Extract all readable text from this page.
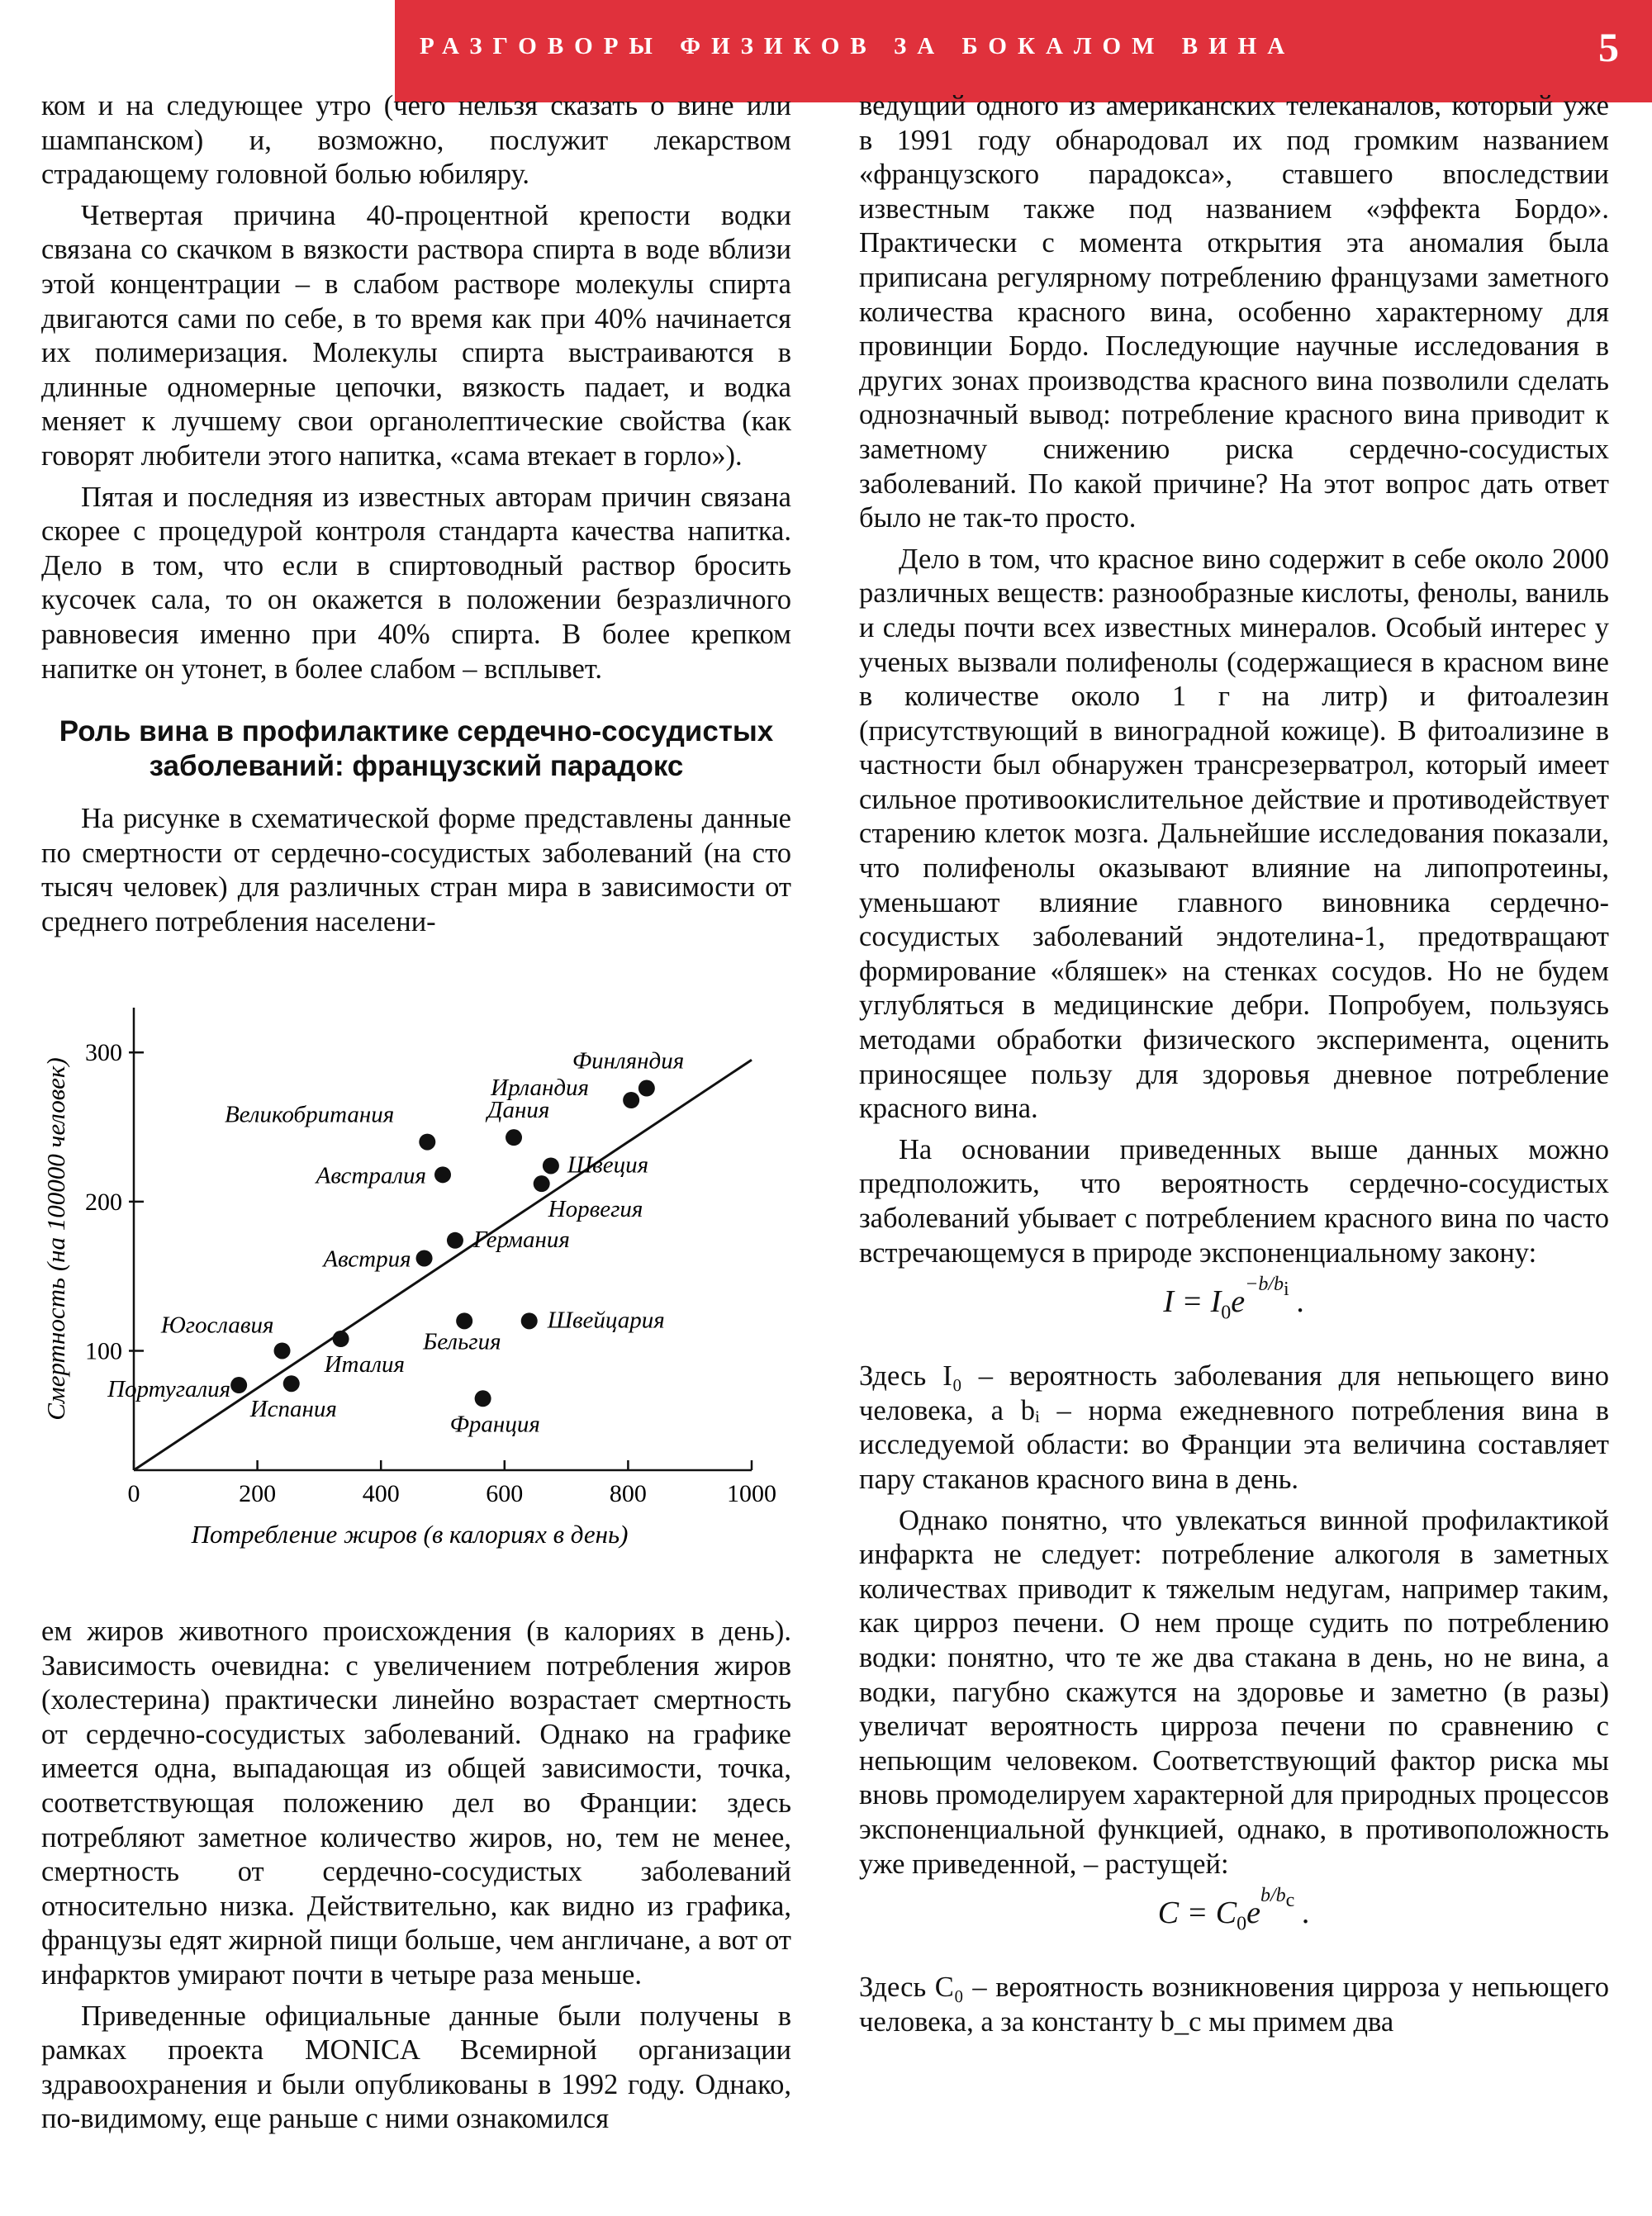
РАЗГОВОРЫ ФИЗИКОВ ЗА БОКАЛОМ ВИНА	5

ком и на следующее утро (чего нельзя сказать о вине или шампанском) и, возможно, послужит лекарством страдающему головной болью юбиляру.

Четвертая причина 40-процентной крепости водки связана со скачком в вязкости раствора спирта в воде вблизи этой концентрации – в слабом растворе молекулы спирта двигаются сами по себе, в то время как при 40% начинается их полимеризация. Молекулы спирта выстраиваются в длинные одномерные цепочки, вязкость падает, и водка меняет к лучшему свои органолептические свойства (как говорят любители этого напитка, «сама втекает в горло»).

Пятая и последняя из известных авторам причин связана скорее с процедурой контроля стандарта качества напитка. Дело в том, что если в спиртоводный раствор бросить кусочек сала, то он окажется в положении безразличного равновесия именно при 40% спирта. В более крепком напитке он утонет, в более слабом – всплывет.

Роль вина в профилактике сердечно-сосудистых заболеваний: французский парадокс

На рисунке в схематической форме представлены данные по смертности от сердечно-сосудистых заболеваний (на сто тысяч человек) для различных стран мира в зависимости от среднего потребления населени-

0	200	400	600	800	1000
100
200
300
Португалия
Югославия
Испания
Италия
Великобритания
Австралия
Австрия
Германия
Бельгия
Франция
Дания
Швейцария
Норвегия
Швеция
Ирландия
Финляндия
Потребление жиров (в калориях в день)
Смертность (на 100000 человек)

ем жиров животного происхождения (в калориях в день). Зависимость очевидна: с увеличением потребления жиров (холестерина) практически линейно возрастает смертность от сердечно-сосудистых заболеваний. Однако на графике имеется одна, выпадающая из общей зависимости, точка, соответствующая положению дел во Франции: здесь потребляют заметное количество жиров, но, тем не менее, смертность от сердечно-сосудистых заболеваний относительно низка. Действительно, как видно из графика, французы едят жирной пищи больше, чем англичане, а вот от инфарктов умирают почти в четыре раза меньше.

Приведенные официальные данные были получены в рамках проекта MONICA Всемирной организации здравоохранения и были опубликованы в 1992 году. Однако, по-видимому, еще раньше с ними ознакомился

ведущий одного из американских телеканалов, который уже в 1991 году обнародовал их под громким названием «французского парадокса», ставшего впоследствии известным также под названием «эффекта Бордо». Практически с момента открытия эта аномалия была приписана регулярному потреблению французами заметного количества красного вина, особенно характерному для провинции Бордо. Последующие научные исследования в других зонах производства красного вина позволили сделать однозначный вывод: потребление красного вина приводит к заметному снижению риска сердечно-сосудистых заболеваний. По какой причине? На этот вопрос дать ответ было не так-то просто.

Дело в том, что красное вино содержит в себе около 2000 различных веществ: разнообразные кислоты, фенолы, ваниль и следы почти всех известных минералов. Особый интерес у ученых вызвали полифенолы (содержащиеся в красном вине в количестве около 1 г на литр) и фитоалезин (присутствующий в виноградной кожице). В фитоализине в частности был обнаружен трансрезерватрол, который имеет сильное противоокислительное действие и противодействует старению клеток мозга. Дальнейшие исследования показали, что полифенолы оказывают влияние на липопротеины, уменьшают влияние главного виновника сердечно-сосудистых заболеваний эндотелина-1, предотвращают формирование «бляшек» на стенках сосудов. Но не будем углубляться в медицинские дебри. Попробуем, пользуясь методами обработки физического эксперимента, оценить приносящее пользу для здоровья дневное потребление красного вина.

На основании приведенных выше данных можно предположить, что вероятность сердечно-сосудистых заболеваний убывает с потреблением красного вина по часто встречающемуся в природе экспоненциальному закону:

$I = I_0e^{-b/b_i}$ .

Здесь I₀ – вероятность заболевания для непьющего вино человека, а bᵢ – норма ежедневного потребления вина в исследуемой области: во Франции эта величина составляет пару стаканов красного вина в день.

Однако понятно, что увлекаться винной профилактикой инфаркта не следует: потребление алкоголя в заметных количествах приводит к тяжелым недугам, например таким, как цирроз печени. О нем проще судить по потреблению водки: понятно, что те же два стакана в день, но не вина, а водки, пагубно скажутся на здоровье и заметно (в разы) увеличат вероятность цирроза печени по сравнению с непьющим человеком. Соответствующий фактор риска мы вновь промоделируем характерной для природных процессов экспоненциальной функцией, однако, в противоположность уже приведенной, – растущей:

$C = C_0e^{b/b_c}$ .

Здесь C₀ – вероятность возникновения цирроза у непьющего человека, а за константу b_c мы примем два
